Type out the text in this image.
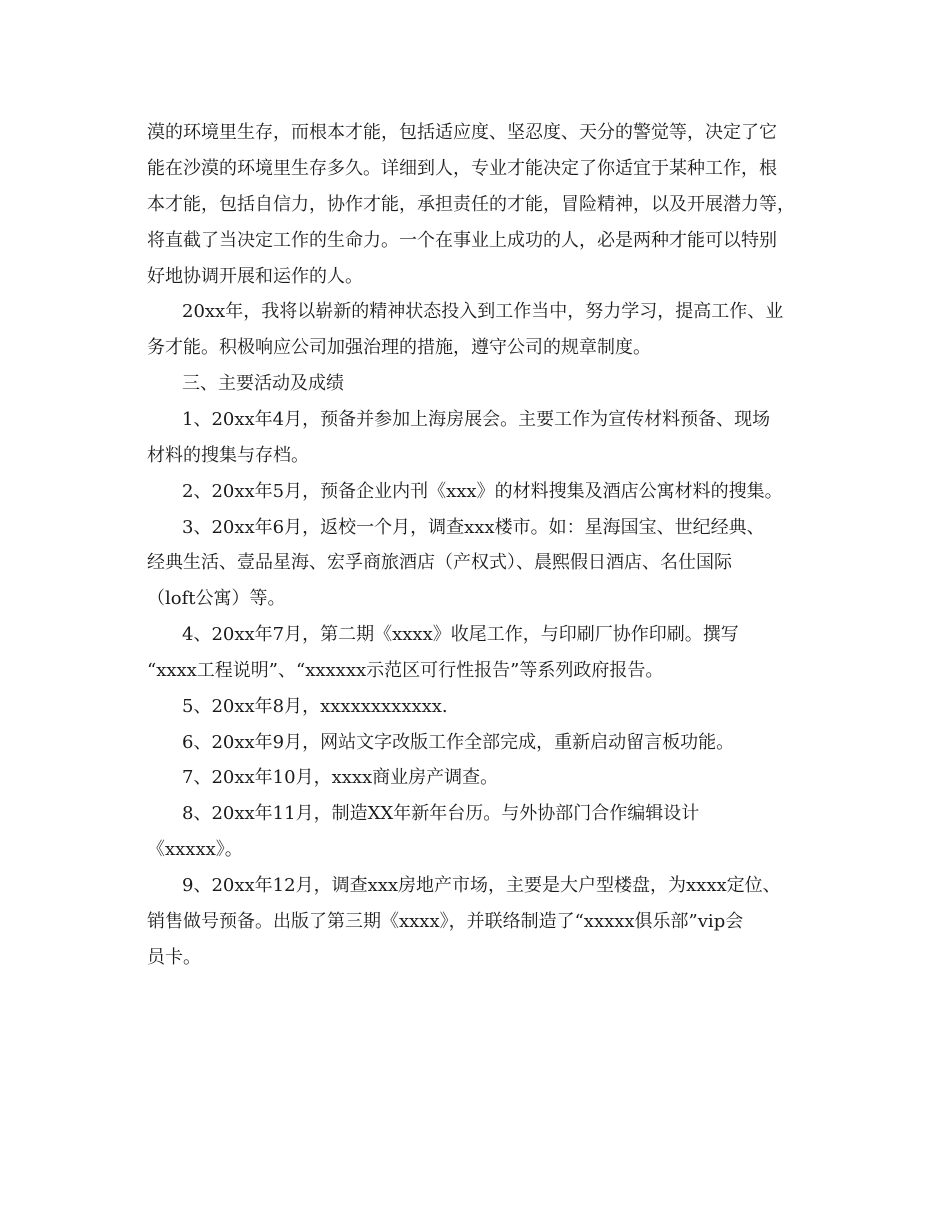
漠的环境里生存，而根本才能，包括适应度、坚忍度、天分的警觉等，决定了它

能在沙漠的环境里生存多久。详细到人，专业才能决定了你适宜于某种工作，根

本才能，包括自信力，协作才能，承担责任的才能，冒险精神，以及开展潜力等，

将直截了当决定工作的生命力。一个在事业上成功的人，必是两种才能可以特别

好地协调开展和运作的人。

20xx年，我将以崭新的精神状态投入到工作当中，努力学习，提高工作、业

务才能。积极响应公司加强治理的措施，遵守公司的规章制度。

三、主要活动及成绩

1、20xx年4月，预备并参加上海房展会。主要工作为宣传材料预备、现场

材料的搜集与存档。

2、20xx年5月，预备企业内刊《xxx》的材料搜集及酒店公寓材料的搜集。

3、20xx年6月，返校一个月，调查xxx楼市。如：星海国宝、世纪经典、

经典生活、壹品星海、宏孚商旅酒店（产权式）、晨熙假日酒店、名仕国际

（loft公寓）等。

4、20xx年7月，第二期《xxxx》收尾工作，与印刷厂协作印刷。撰写

“xxxx工程说明”、“xxxxxx示范区可行性报告”等系列政府报告。

5、20xx年8月，xxxxxxxxxxxx.

6、20xx年9月，网站文字改版工作全部完成，重新启动留言板功能。

7、20xx年10月，xxxx商业房产调查。

8、20xx年11月，制造XX年新年台历。与外协部门合作编辑设计

《xxxxx》。

9、20xx年12月，调查xxx房地产市场，主要是大户型楼盘，为xxxx定位、

销售做号预备。出版了第三期《xxxx》，并联络制造了“xxxxx俱乐部”vip会

员卡。
